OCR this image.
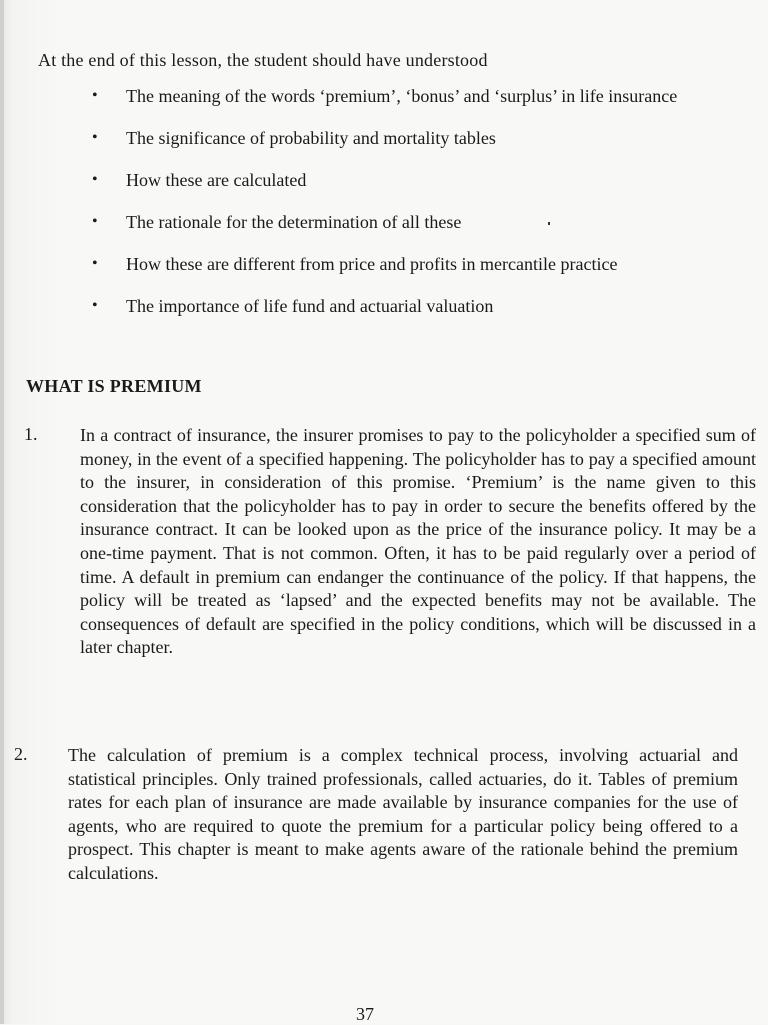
At the end of this lesson, the student should have understood
• The meaning of the words ‘premium’, ‘bonus’ and ‘surplus’ in life insurance
• The significance of probability and mortality tables
• How these are calculated
• The rationale for the determination of all these
• How these are different from price and profits in mercantile practice
• The importance of life fund and actuarial valuation
WHAT IS PREMIUM
1. In a contract of insurance, the insurer promises to pay to the policyholder a specified sum of money, in the event of a specified happening. The policyholder has to pay a specified amount to the insurer, in consideration of this promise. ‘Premium’ is the name given to this consideration that the policyholder has to pay in order to secure the benefits offered by the insurance contract. It can be looked upon as the price of the insurance policy. It may be a one-time payment. That is not common. Often, it has to be paid regularly over a period of time. A default in premium can endanger the continuance of the policy. If that happens, the policy will be treated as ‘lapsed’ and the expected benefits may not be available. The consequences of default are specified in the policy conditions, which will be discussed in a later chapter.
2. The calculation of premium is a complex technical process, involving actuarial and statistical principles. Only trained professionals, called actuaries, do it. Tables of premium rates for each plan of insurance are made available by insurance companies for the use of agents, who are required to quote the premium for a particular policy being offered to a prospect. This chapter is meant to make agents aware of the rationale behind the premium calculations.
37
